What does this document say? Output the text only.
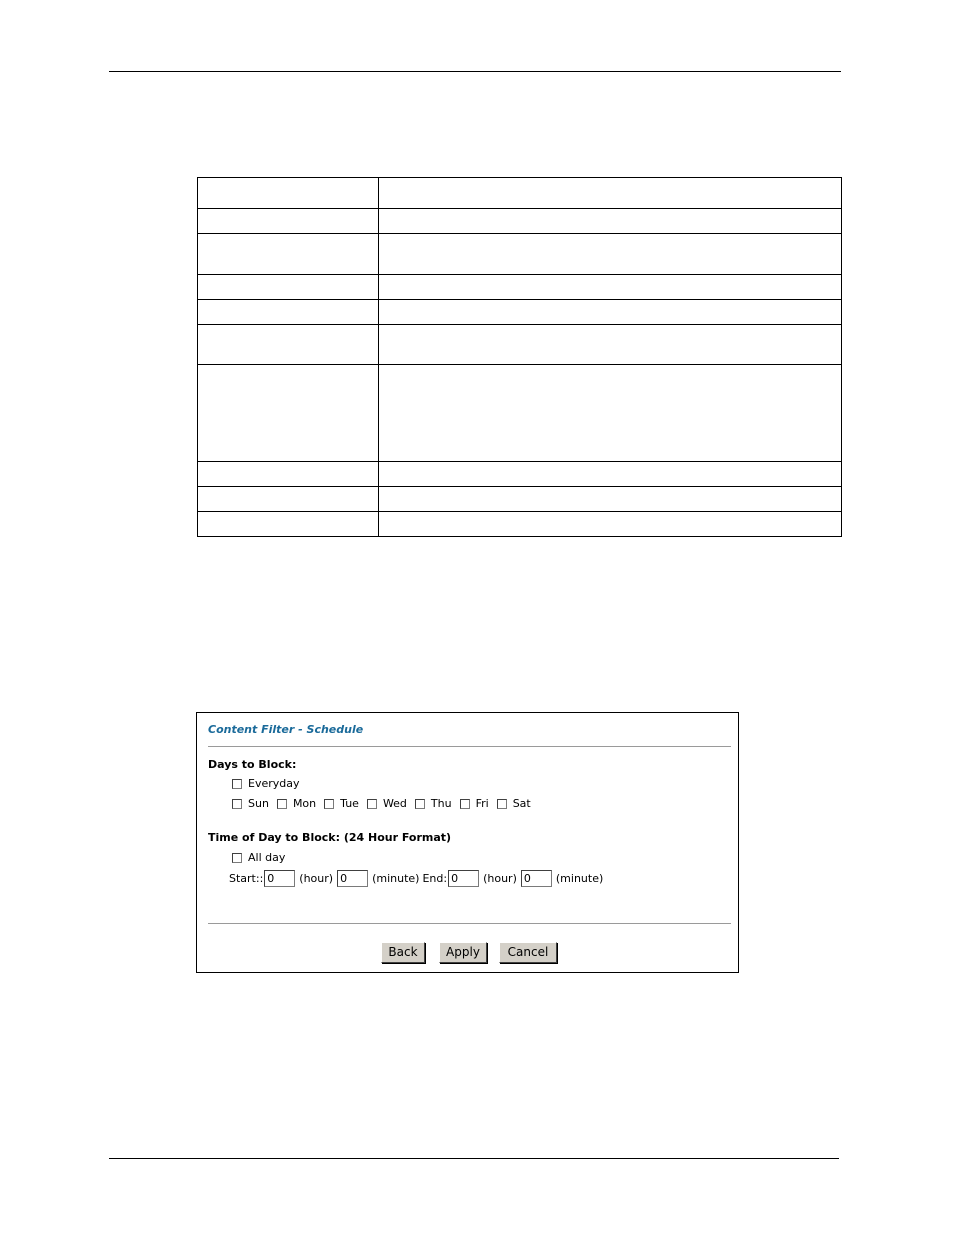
Content Filter - Schedule
Days to Block:
Everyday
Sun Mon Tue Wed Thu Fri Sat
Time of Day to Block: (24 Hour Format)
All day
Start:: 0	(hour) 0	(minute) End: 0	(hour) 0	(minute)
Back	Apply	Cancel
